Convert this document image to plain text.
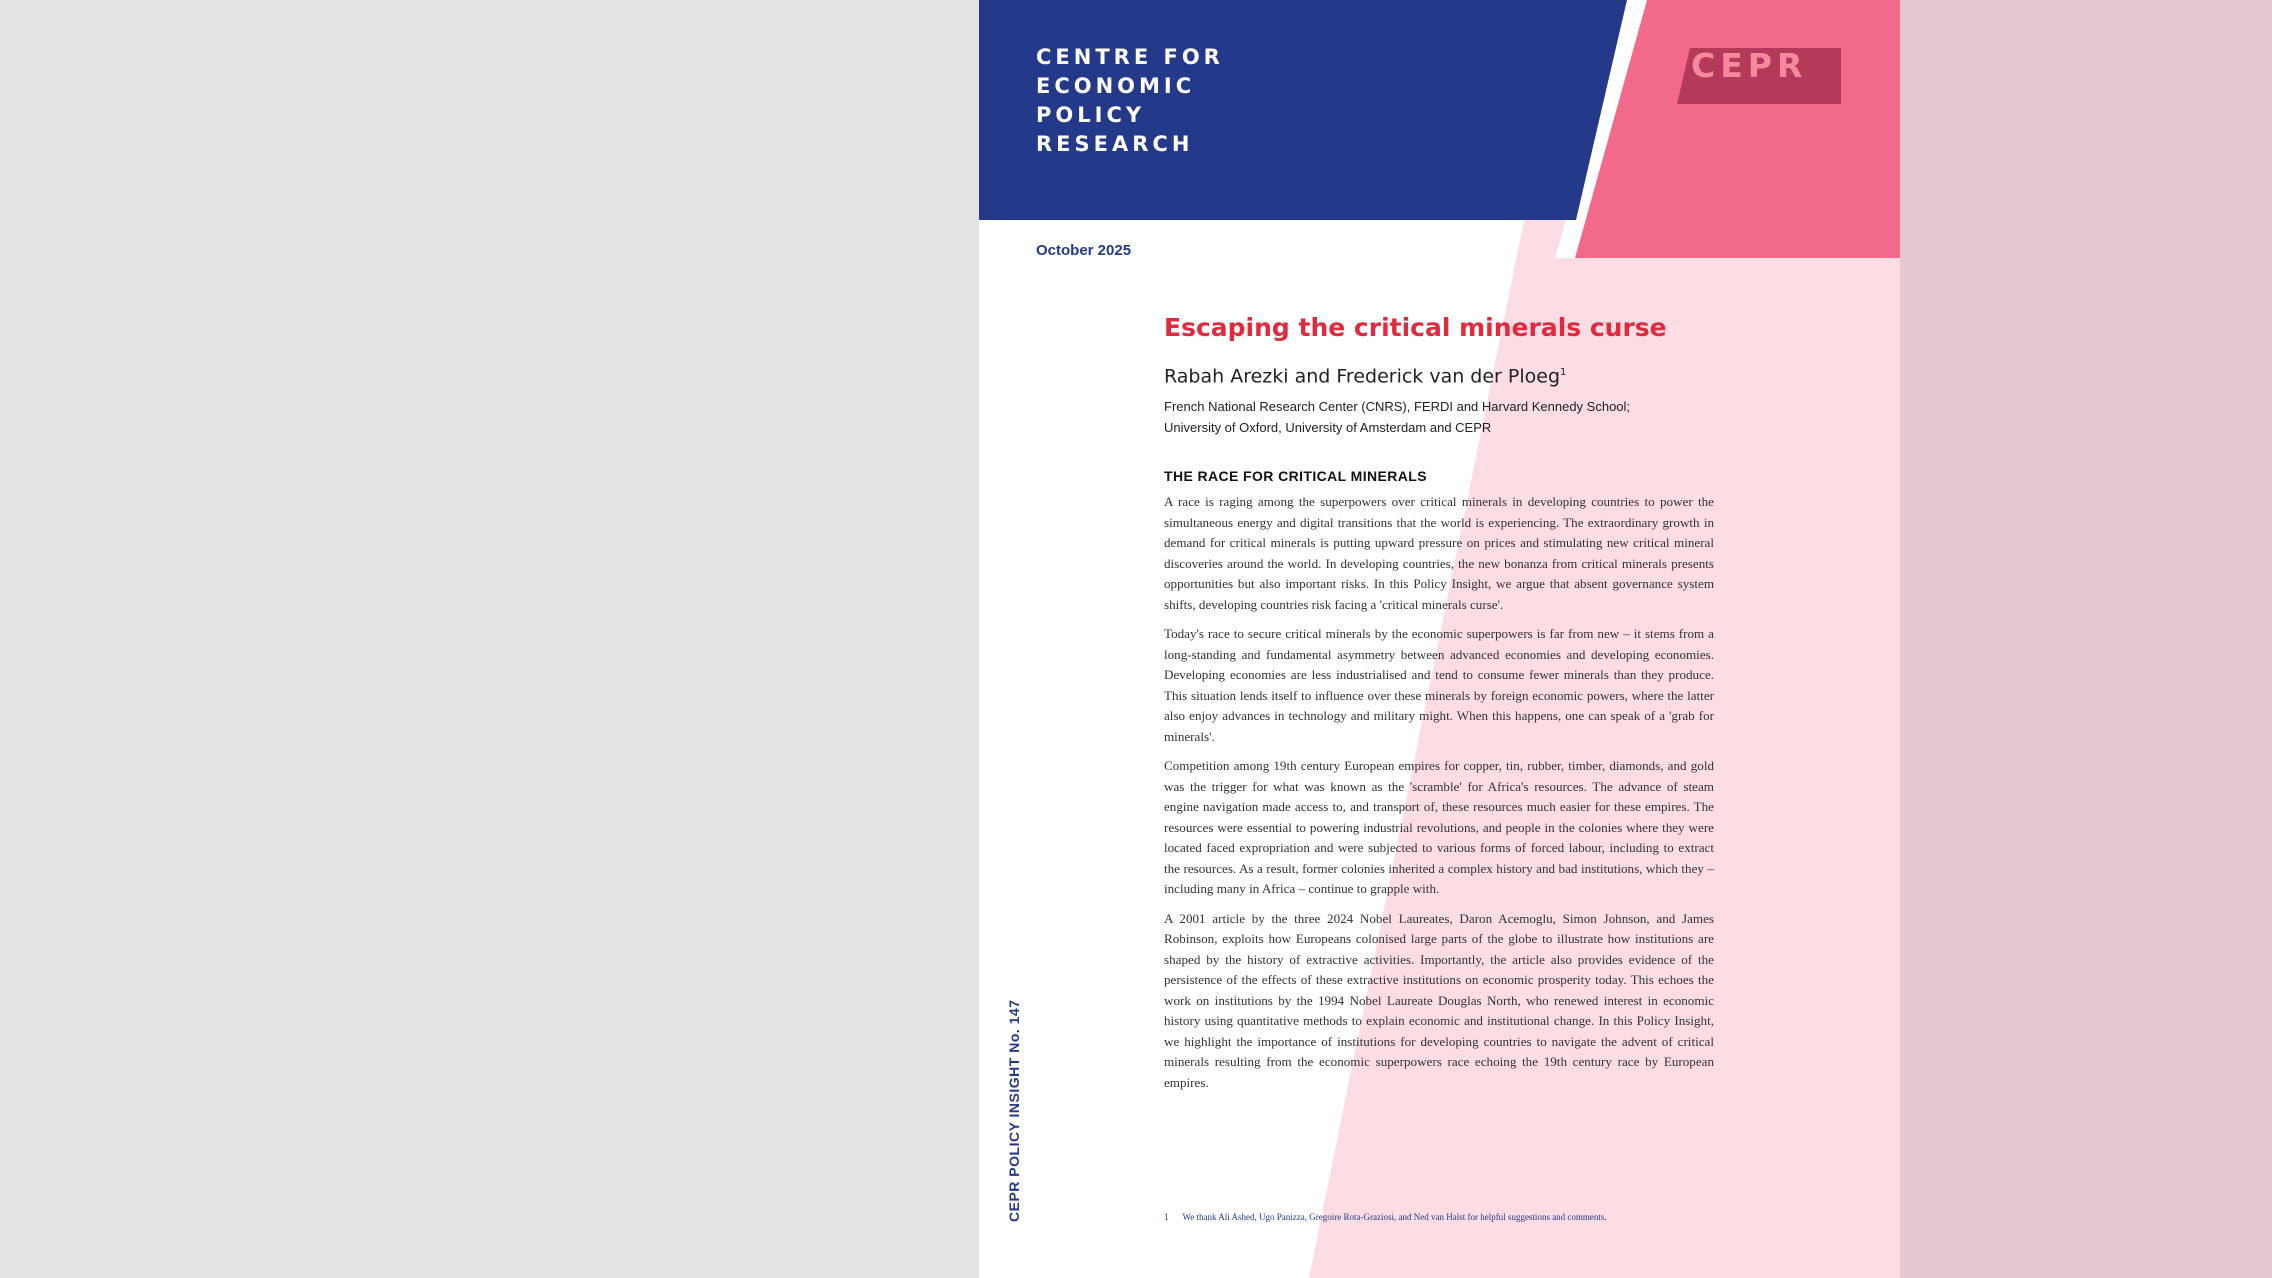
CENTRE FOR
ECONOMIC
POLICY
RESEARCH
CEPR
October 2025
Escaping the critical minerals curse
Rabah Arezki and Frederick van der Ploeg$^1$
French National Research Center (CNRS), FERDI and Harvard Kennedy School;
University of Oxford, University of Amsterdam and CEPR
THE RACE FOR CRITICAL MINERALS

A race is raging among the superpowers over critical minerals in developing countries to power the simultaneous energy and digital transitions that the world is experiencing. The extraordinary growth in demand for critical minerals is putting upward pressure on prices and stimulating new critical mineral discoveries around the world. In developing countries, the new bonanza from critical minerals presents opportunities but also important risks. In this Policy Insight, we argue that absent governance system shifts, developing countries risk facing a 'critical minerals curse'.

Today's race to secure critical minerals by the economic superpowers is far from new – it stems from a long-standing and fundamental asymmetry between advanced economies and developing economies. Developing economies are less industrialised and tend to consume fewer minerals than they produce. This situation lends itself to influence over these minerals by foreign economic powers, where the latter also enjoy advances in technology and military might. When this happens, one can speak of a 'grab for minerals'.

Competition among 19th century European empires for copper, tin, rubber, timber, diamonds, and gold was the trigger for what was known as the 'scramble' for Africa's resources. The advance of steam engine navigation made access to, and transport of, these resources much easier for these empires. The resources were essential to powering industrial revolutions, and people in the colonies where they were located faced expropriation and were subjected to various forms of forced labour, including to extract the resources. As a result, former colonies inherited a complex history and bad institutions, which they – including many in Africa – continue to grapple with.

A 2001 article by the three 2024 Nobel Laureates, Daron Acemoglu, Simon Johnson, and James Robinson, exploits how Europeans colonised large parts of the globe to illustrate how institutions are shaped by the history of extractive activities. Importantly, the article also provides evidence of the persistence of the effects of these extractive institutions on economic prosperity today. This echoes the work on institutions by the 1994 Nobel Laureate Douglas North, who renewed interest in economic history using quantitative methods to explain economic and institutional change. In this Policy Insight, we highlight the importance of institutions for developing countries to navigate the advent of critical minerals resulting from the economic superpowers race echoing the 19th century race by European empires.

CEPR POLICY INSIGHT No. 147	1 We thank Ali Ashed, Ugo Panizza, Gregoire Rota-Graziosi, and Ned van Halst for helpful suggestions and comments.
